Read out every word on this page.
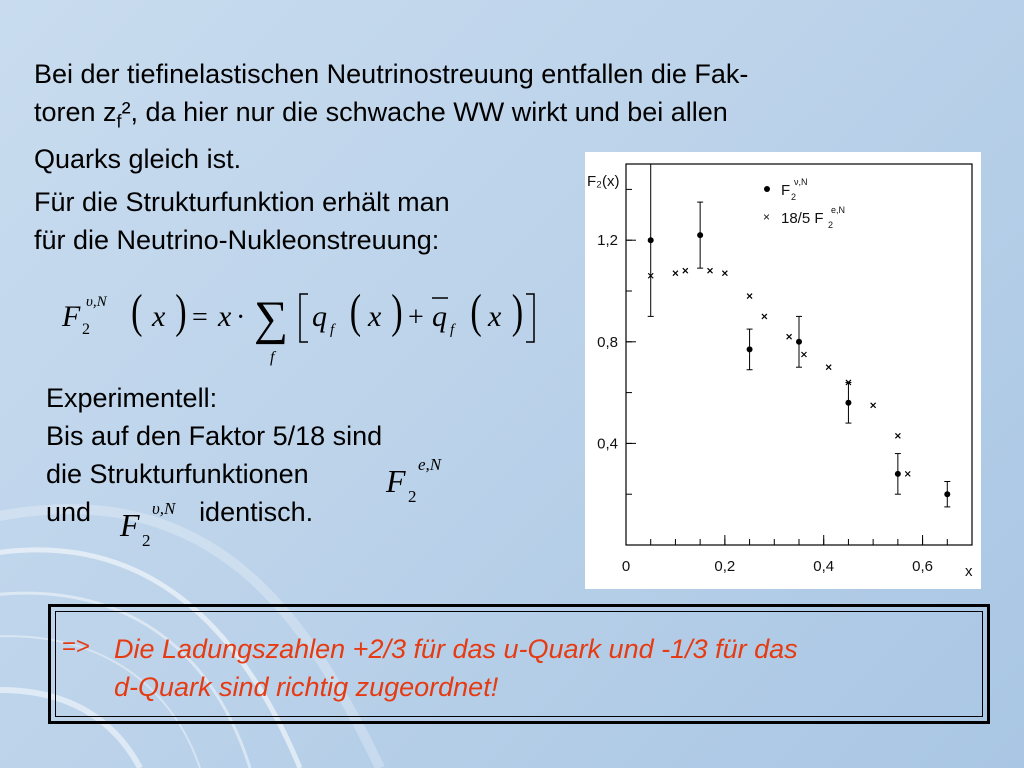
Bei der tiefinelastischen Neutrinostreuung entfallen die Fak-
toren $z_f^2$, da hier nur die schwache WW wirkt und bei allen
Quarks gleich ist.
Für die Strukturfunktion erhält man
für die Neutrino-Nukleonstreuung:
F 2
υ,N ( x ) = x · ∑
f
q f ( x ) + q f ( x )
Experimentell:
Bis auf den Faktor 5/18 sind
die Strukturfunktionen
und	identisch.
F 2
e,N
F 2
υ,N
0	0,2	0,4	0,6
0,4
0,8
1,2
F₂(x)
x
F 2
ν,N
× 18/5 F 2
e,N
=> Die Ladungszahlen +2/3 für das u-Quark und -1/3 für das
d-Quark sind richtig zugeordnet!
